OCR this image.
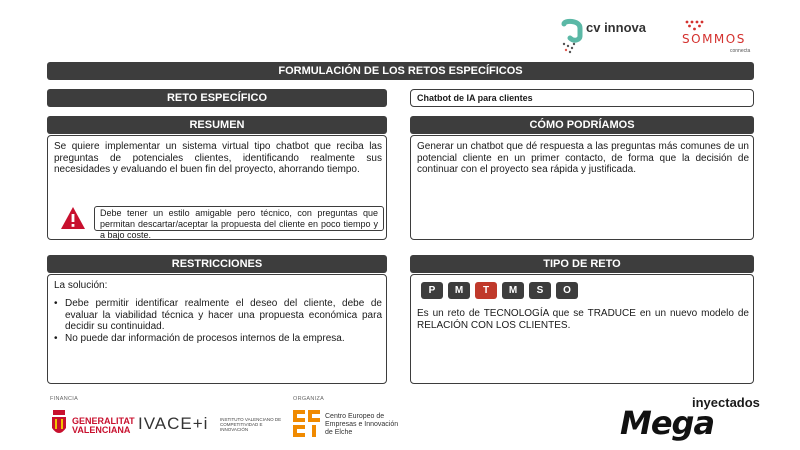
cv innova
SOMMOS
connecta
FORMULACIÓN DE LOS RETOS ESPECÍFICOS
RETO ESPECÍFICO	Chatbot de IA para clientes
RESUMEN

Se quiere implementar un sistema virtual tipo chatbot que reciba las preguntas de potenciales clientes, identificando realmente sus necesidades y evaluando el buen fin del proyecto, ahorrando tiempo.

Debe tener un estilo amigable pero técnico, con preguntas que permitan descartar/aceptar la propuesta del cliente en poco tiempo y a bajo coste.
CÓMO PODRÍAMOS

Generar un chatbot que dé respuesta a las preguntas más comunes de un potencial cliente en un primer contacto, de forma que la decisión de continuar con el proyecto sea rápida y justificada.

RESTRICCIONES

La solución:

• Debe permitir identificar realmente el deseo del cliente, debe de evaluar la viabilidad técnica y hacer una propuesta económica para decidir su continuidad.
• No puede dar información de procesos internos de la empresa.
TIPO DE RETO
P	M	T	M	S	O

Es un reto de TECNOLOGÍA que se TRADUCE en un nuevo modelo de RELACIÓN CON LOS CLIENTES.

FINANCIA	ORGANIZA
GENERALITAT
VALENCIANA IVACE+i	INSTITUTO VALENCIANO DE COMPETITIVIDAD E INNOVACIÓN
Centro Europeo de
Empresas e Innovación
de Elche
inyectados
Mega
